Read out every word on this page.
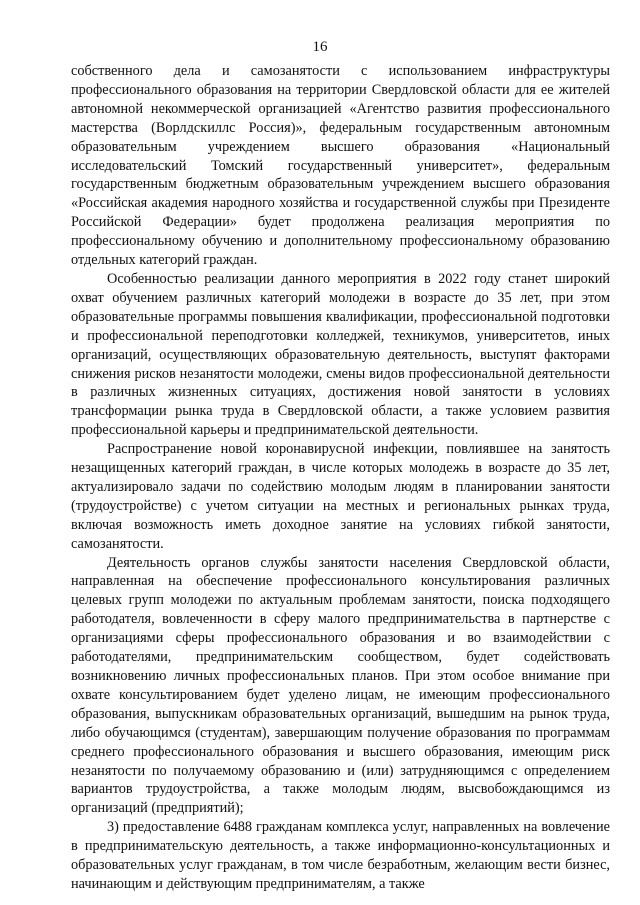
16

собственного дела и самозанятости с использованием инфраструктуры профессионального образования на территории Свердловской области для ее жителей автономной некоммерческой организацией «Агентство развития профессионального мастерства (Ворлдскиллс Россия)», федеральным государственным автономным образовательным учреждением высшего образования «Национальный исследовательский Томский государственный университет», федеральным государственным бюджетным образовательным учреждением высшего образования «Российская академия народного хозяйства и государственной службы при Президенте Российской Федерации» будет продолжена реализация мероприятия по профессиональному обучению и дополнительному профессиональному образованию отдельных категорий граждан.

Особенностью реализации данного мероприятия в 2022 году станет широкий охват обучением различных категорий молодежи в возрасте до 35 лет, при этом образовательные программы повышения квалификации, профессиональной подготовки и профессиональной переподготовки колледжей, техникумов, университетов, иных организаций, осуществляющих образовательную деятельность, выступят факторами снижения рисков незанятости молодежи, смены видов профессиональной деятельности в различных жизненных ситуациях, достижения новой занятости в условиях трансформации рынка труда в Свердловской области, а также условием развития профессиональной карьеры и предпринимательской деятельности.

Распространение новой коронавирусной инфекции, повлиявшее на занятость незащищенных категорий граждан, в числе которых молодежь в возрасте до 35 лет, актуализировало задачи по содействию молодым людям в планировании занятости (трудоустройстве) с учетом ситуации на местных и региональных рынках труда, включая возможность иметь доходное занятие на условиях гибкой занятости, самозанятости.

Деятельность органов службы занятости населения Свердловской области, направленная на обеспечение профессионального консультирования различных целевых групп молодежи по актуальным проблемам занятости, поиска подходящего работодателя, вовлеченности в сферу малого предпринимательства в партнерстве с организациями сферы профессионального образования и во взаимодействии с работодателями, предпринимательским сообществом, будет содействовать возникновению личных профессиональных планов. При этом особое внимание при охвате консультированием будет уделено лицам, не имеющим профессионального образования, выпускникам образовательных организаций, вышедшим на рынок труда, либо обучающимся (студентам), завершающим получение образования по программам среднего профессионального образования и высшего образования, имеющим риск незанятости по получаемому образованию и (или) затрудняющимся с определением вариантов трудоустройства, а также молодым людям, высвобождающимся из организаций (предприятий);

3) предоставление 6488 гражданам комплекса услуг, направленных на вовлечение в предпринимательскую деятельность, а также информационно-консультационных и образовательных услуг гражданам, в том числе безработным, желающим вести бизнес, начинающим и действующим предпринимателям, а также
